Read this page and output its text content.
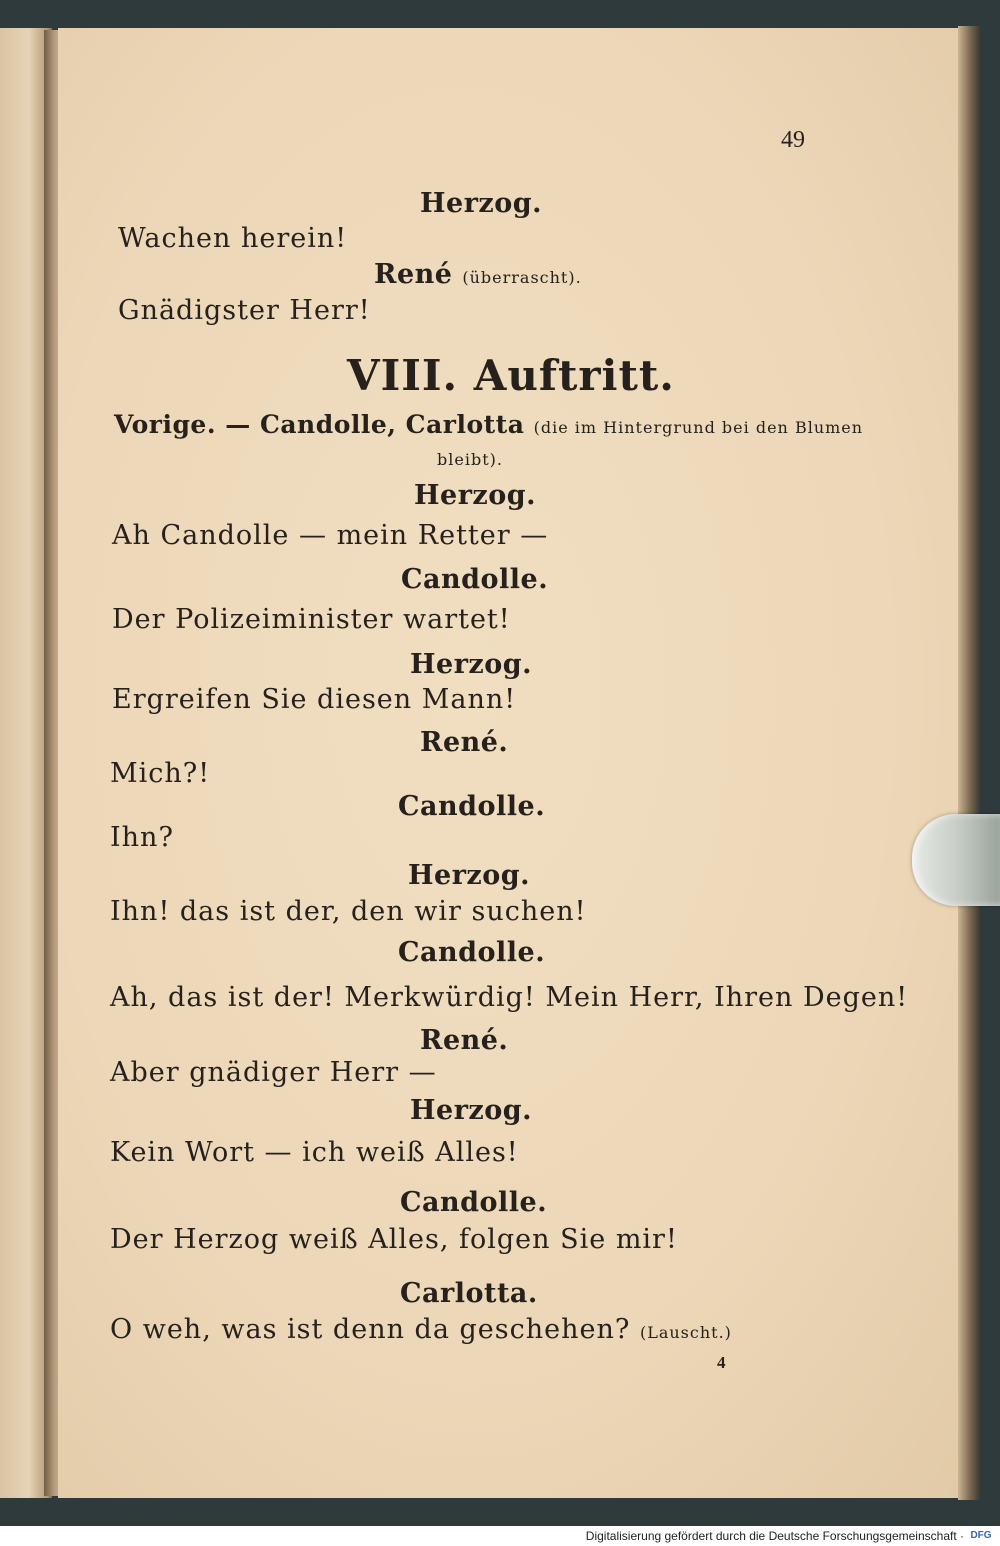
49
Herzog.
Wachen herein!
René (überrascht).
Gnädigster Herr!
VIII. Auftritt.
Vorige. — Candolle, Carlotta (die im Hintergrund bei den Blumen
bleibt).
Herzog.
Ah Candolle — mein Retter —
Candolle.
Der Polizeiminister wartet!
Herzog.
Ergreifen Sie diesen Mann!
René.
Mich?!
Candolle.
Ihn?
Herzog.
Ihn! das ist der, den wir suchen!
Candolle.
Ah, das ist der! Merkwürdig! Mein Herr, Ihren Degen!
René.
Aber gnädiger Herr —
Herzog.
Kein Wort — ich weiß Alles!
Candolle.
Der Herzog weiß Alles, folgen Sie mir!
Carlotta.
O weh, was ist denn da geschehen? (Lauscht.)
4
Digitalisierung gefördert durch die Deutsche Forschungsgemeinschaft · DFG
